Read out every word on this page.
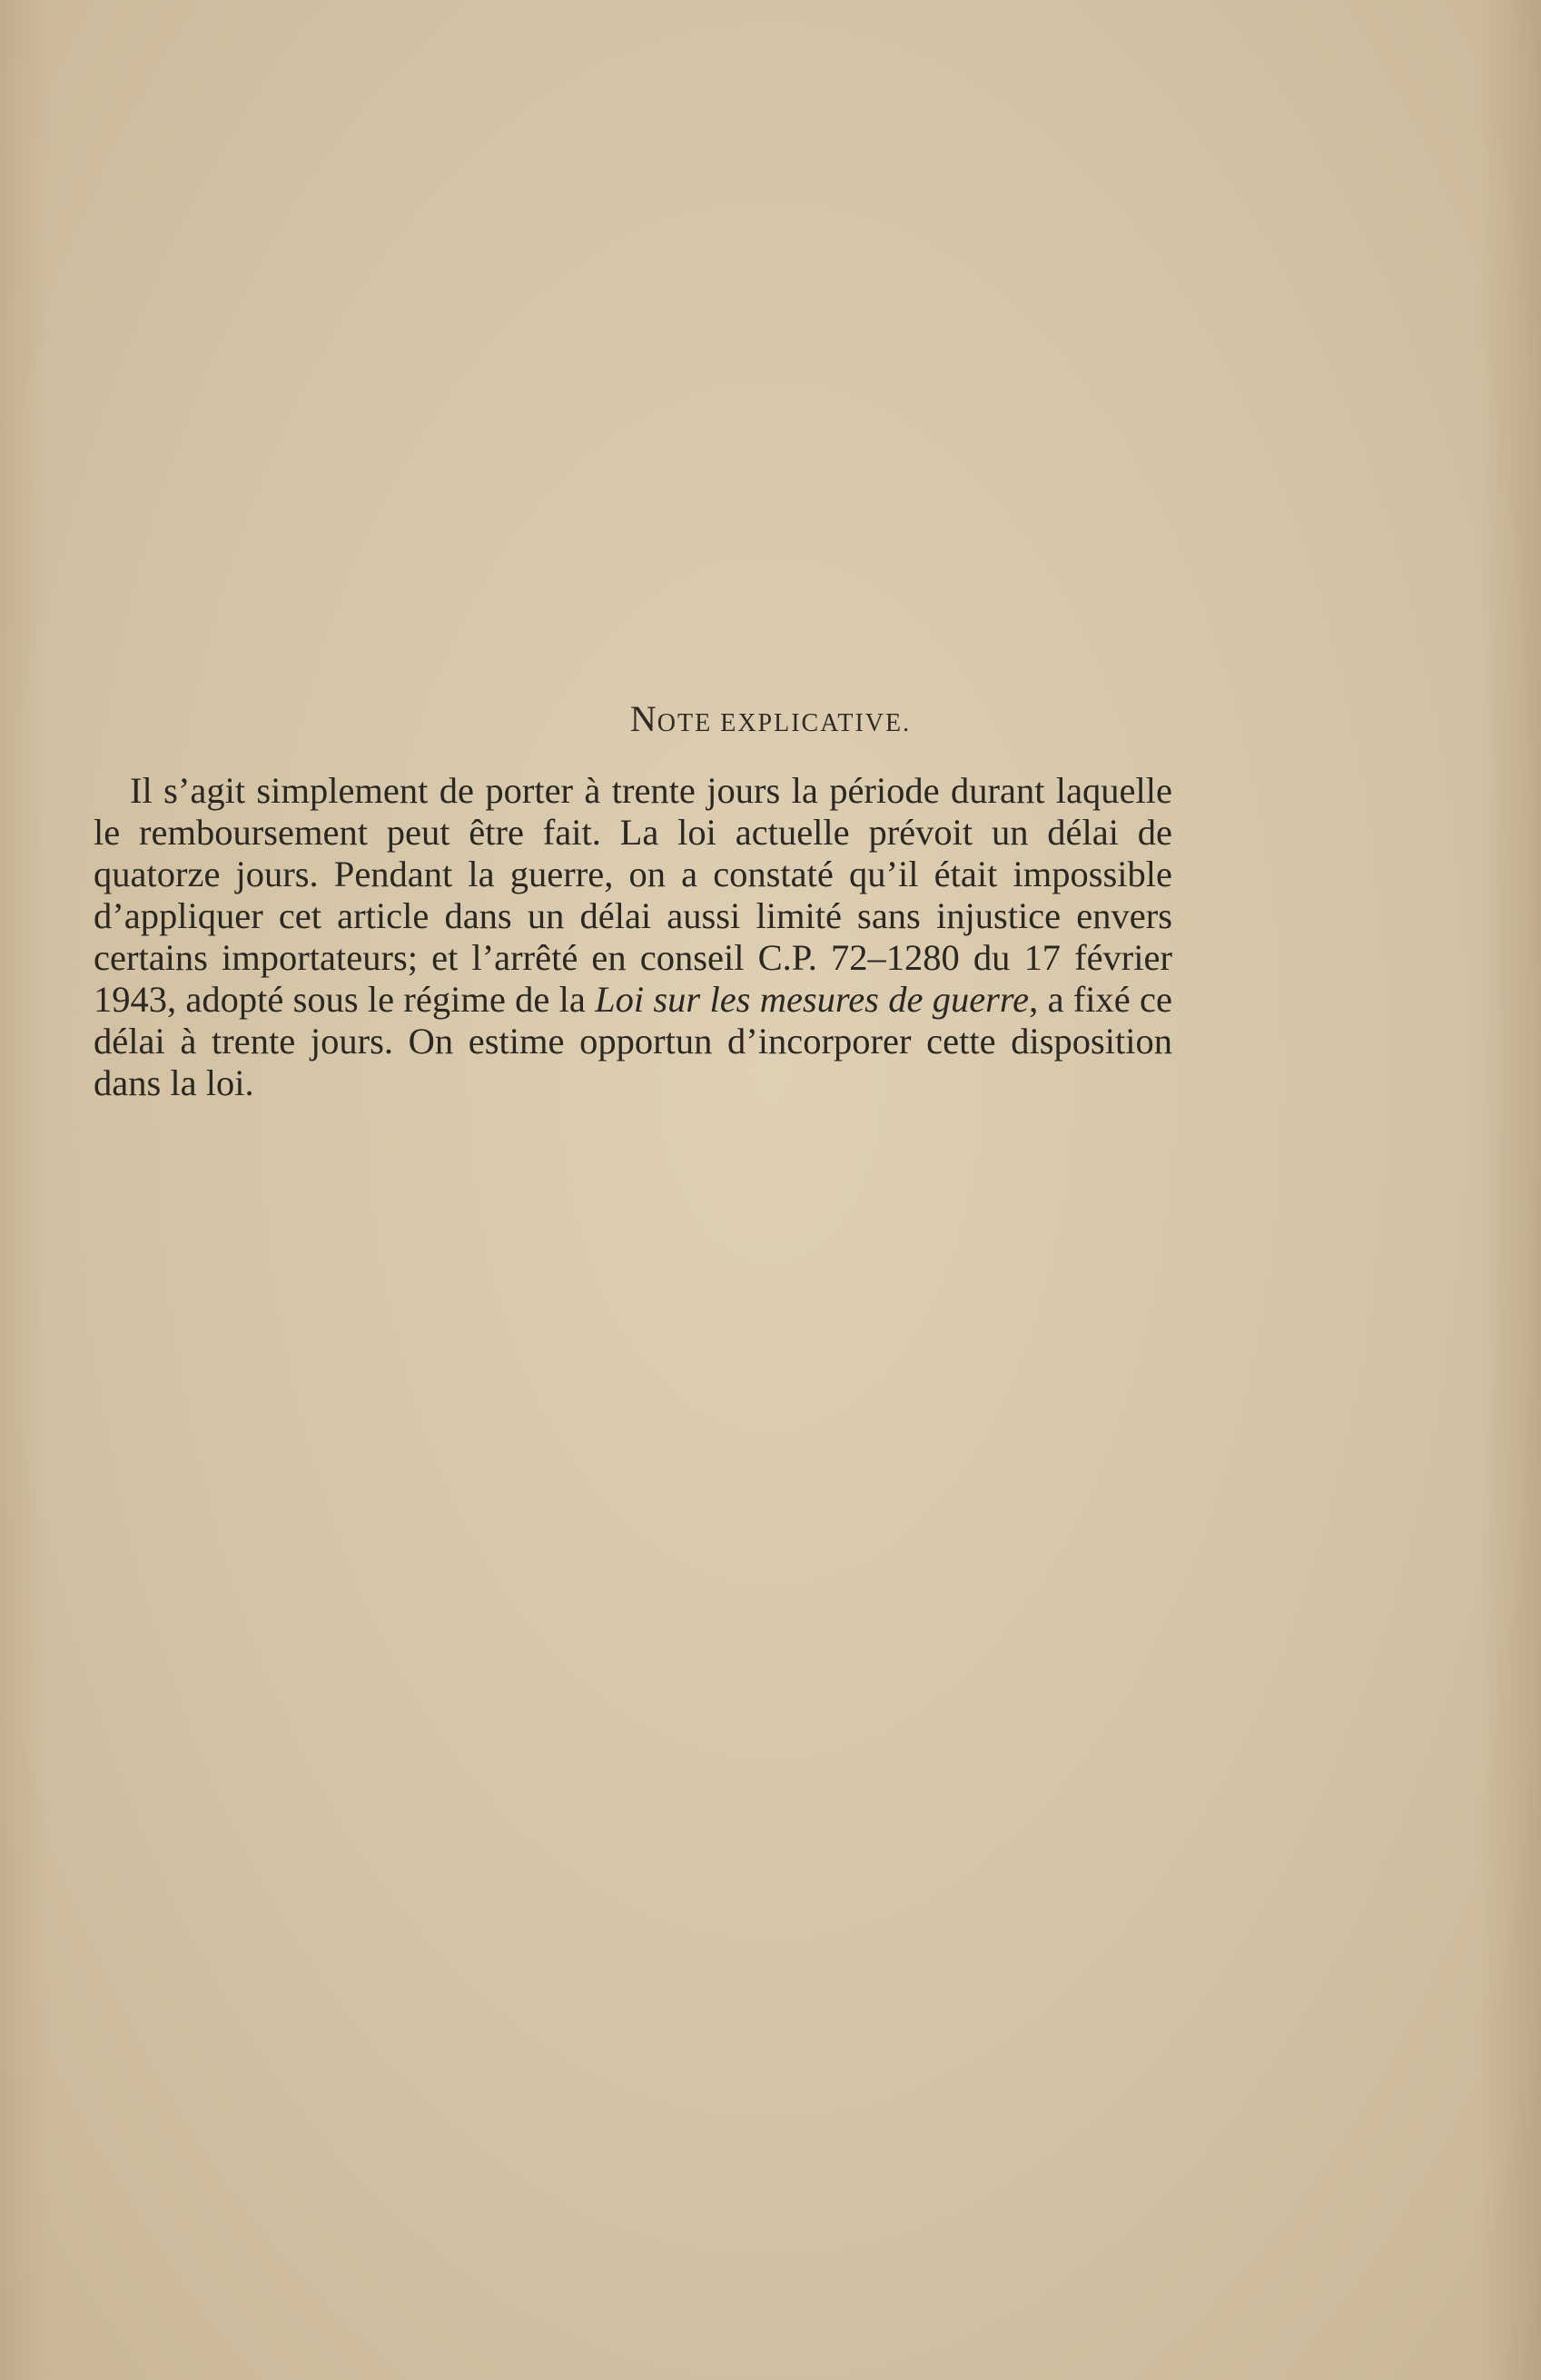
NOTE EXPLICATIVE.

Il s’agit simplement de porter à trente jours la période durant laquelle le remboursement peut être fait. La loi actuelle prévoit un délai de quatorze jours. Pendant la guerre, on a constaté qu’il était impossible d’appliquer cet article dans un délai aussi limité sans injustice envers certains importateurs; et l’arrêté en conseil C.P. 72–1280 du 17 février 1943, adopté sous le régime de la Loi sur les mesures de guerre, a fixé ce délai à trente jours. On estime opportun d’incorporer cette disposition dans la loi.
